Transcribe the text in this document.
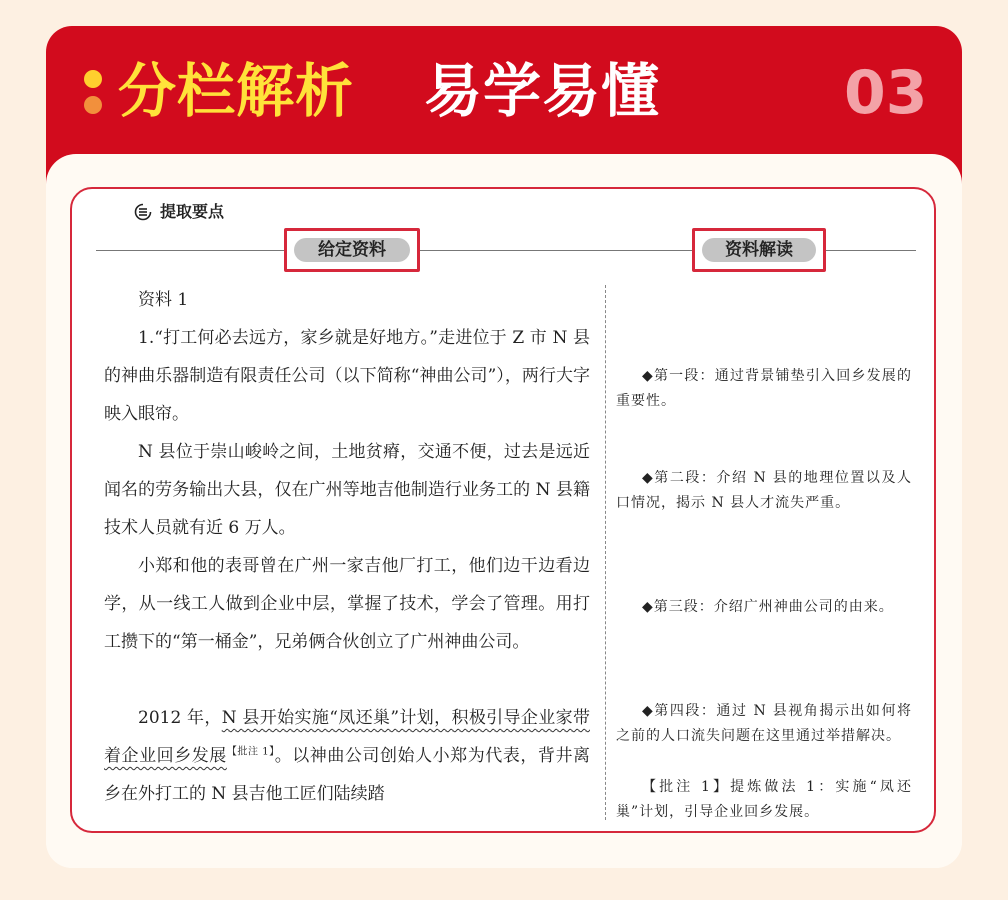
分栏解析 易学易懂	03
提取要点
给定资料	资料解读

资料 1

1.“打工何必去远方，家乡就是好地方。”走进位于 Z 市 N 县的神曲乐器制造有限责任公司（以下简称“神曲公司”），两行大字映入眼帘。

N 县位于崇山峻岭之间，土地贫瘠，交通不便，过去是远近闻名的劳务输出大县，仅在广州等地吉他制造行业务工的 N 县籍技术人员就有近 6 万人。

小郑和他的表哥曾在广州一家吉他厂打工，他们边干边看边学，从一线工人做到企业中层，掌握了技术，学会了管理。用打工攒下的“第一桶金”，兄弟俩合伙创立了广州神曲公司。

2012 年，N 县开始实施“凤还巢”计划，积极引导企业家带着企业回乡发展$^{【批注 1】}$。以神曲公司创始人小郑为代表，背井离乡在外打工的 N 县吉他工匠们陆续踏

◆第一段：通过背景铺垫引入回乡发展的重要性。

◆第二段：介绍 N 县的地理位置以及人口情况，揭示 N 县人才流失严重。

◆第三段：介绍广州神曲公司的由来。

◆第四段：通过 N 县视角揭示出如何将之前的人口流失问题在这里通过举措解决。

【批注 1】提炼做法 1：实施“凤还巢”计划，引导企业回乡发展。
